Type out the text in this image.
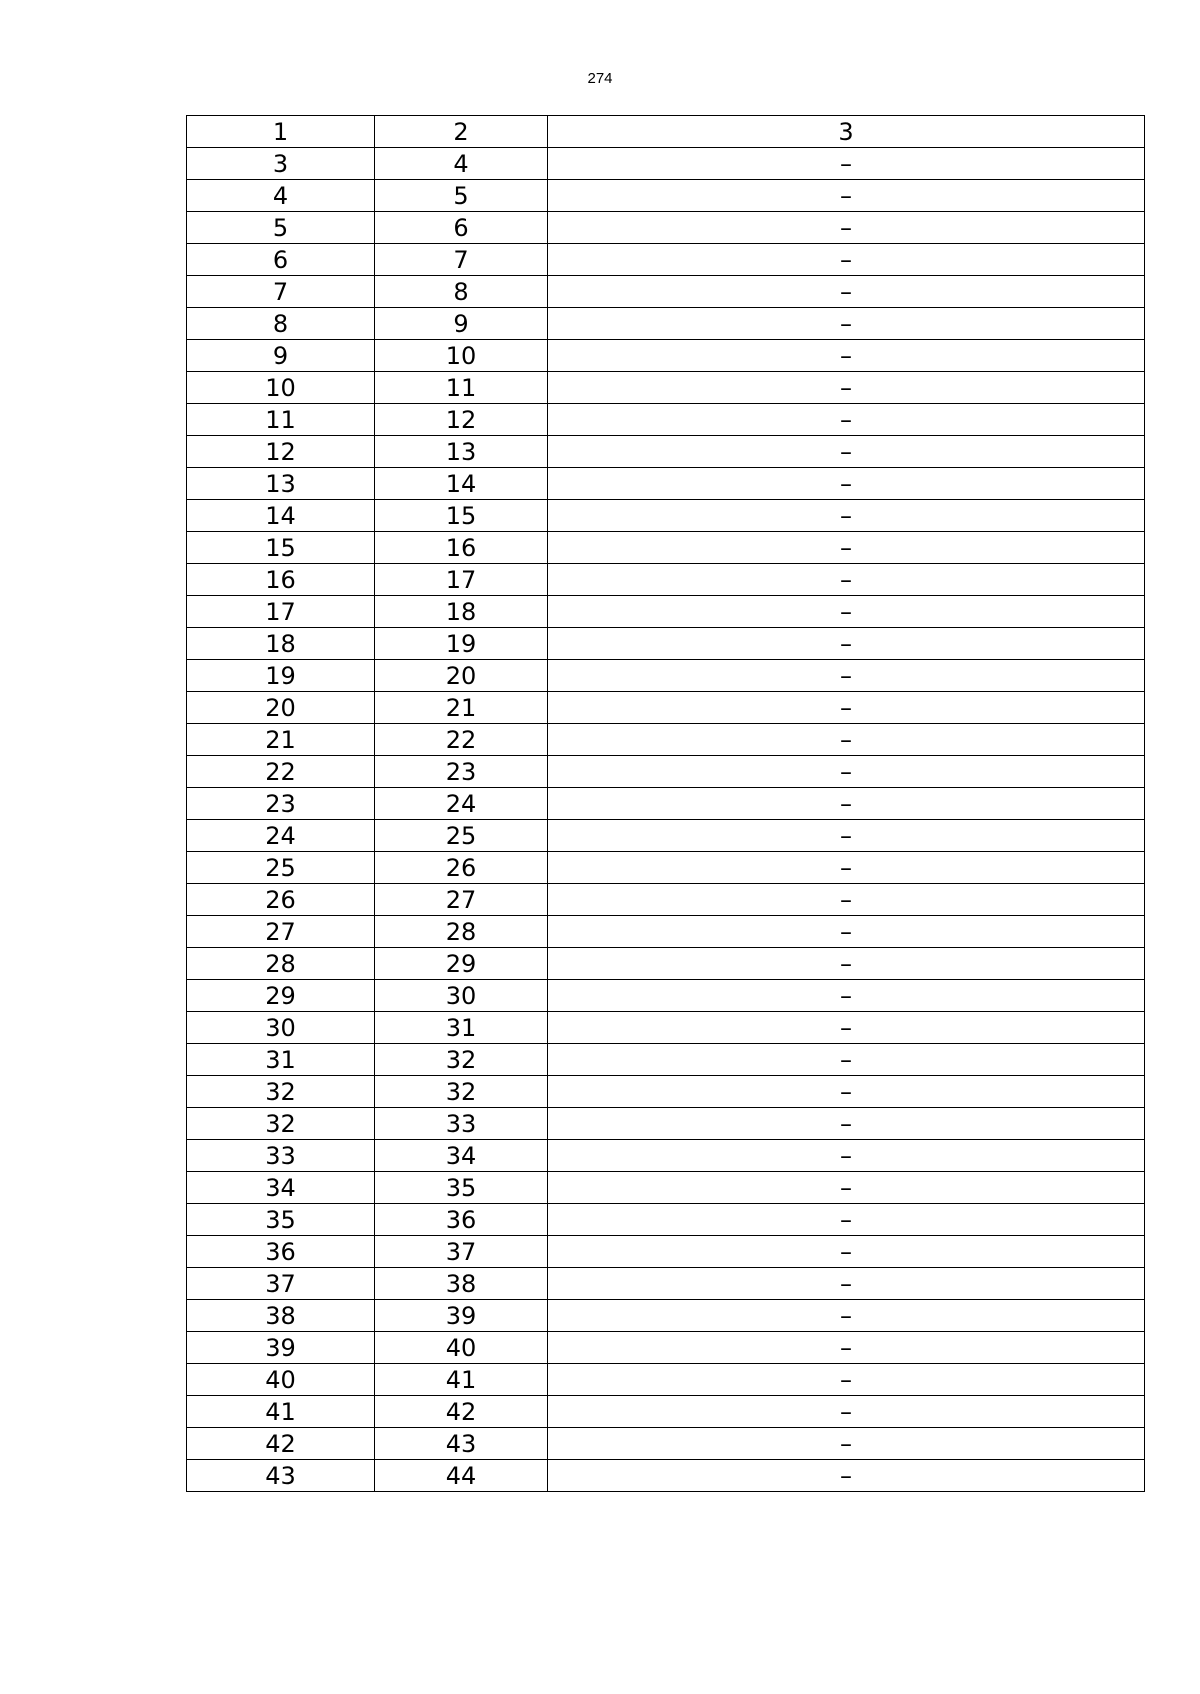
274
1	2	3
3	4	–
4	5	–
5	6	–
6	7	–
7	8	–
8	9	–
9	10	–
10	11	–
11	12	–
12	13	–
13	14	–
14	15	–
15	16	–
16	17	–
17	18	–
18	19	–
19	20	–
20	21	–
21	22	–
22	23	–
23	24	–
24	25	–
25	26	–
26	27	–
27	28	–
28	29	–
29	30	–
30	31	–
31	32	–
32	32	–
32	33	–
33	34	–
34	35	–
35	36	–
36	37	–
37	38	–
38	39	–
39	40	–
40	41	–
41	42	–
42	43	–
43	44	–
